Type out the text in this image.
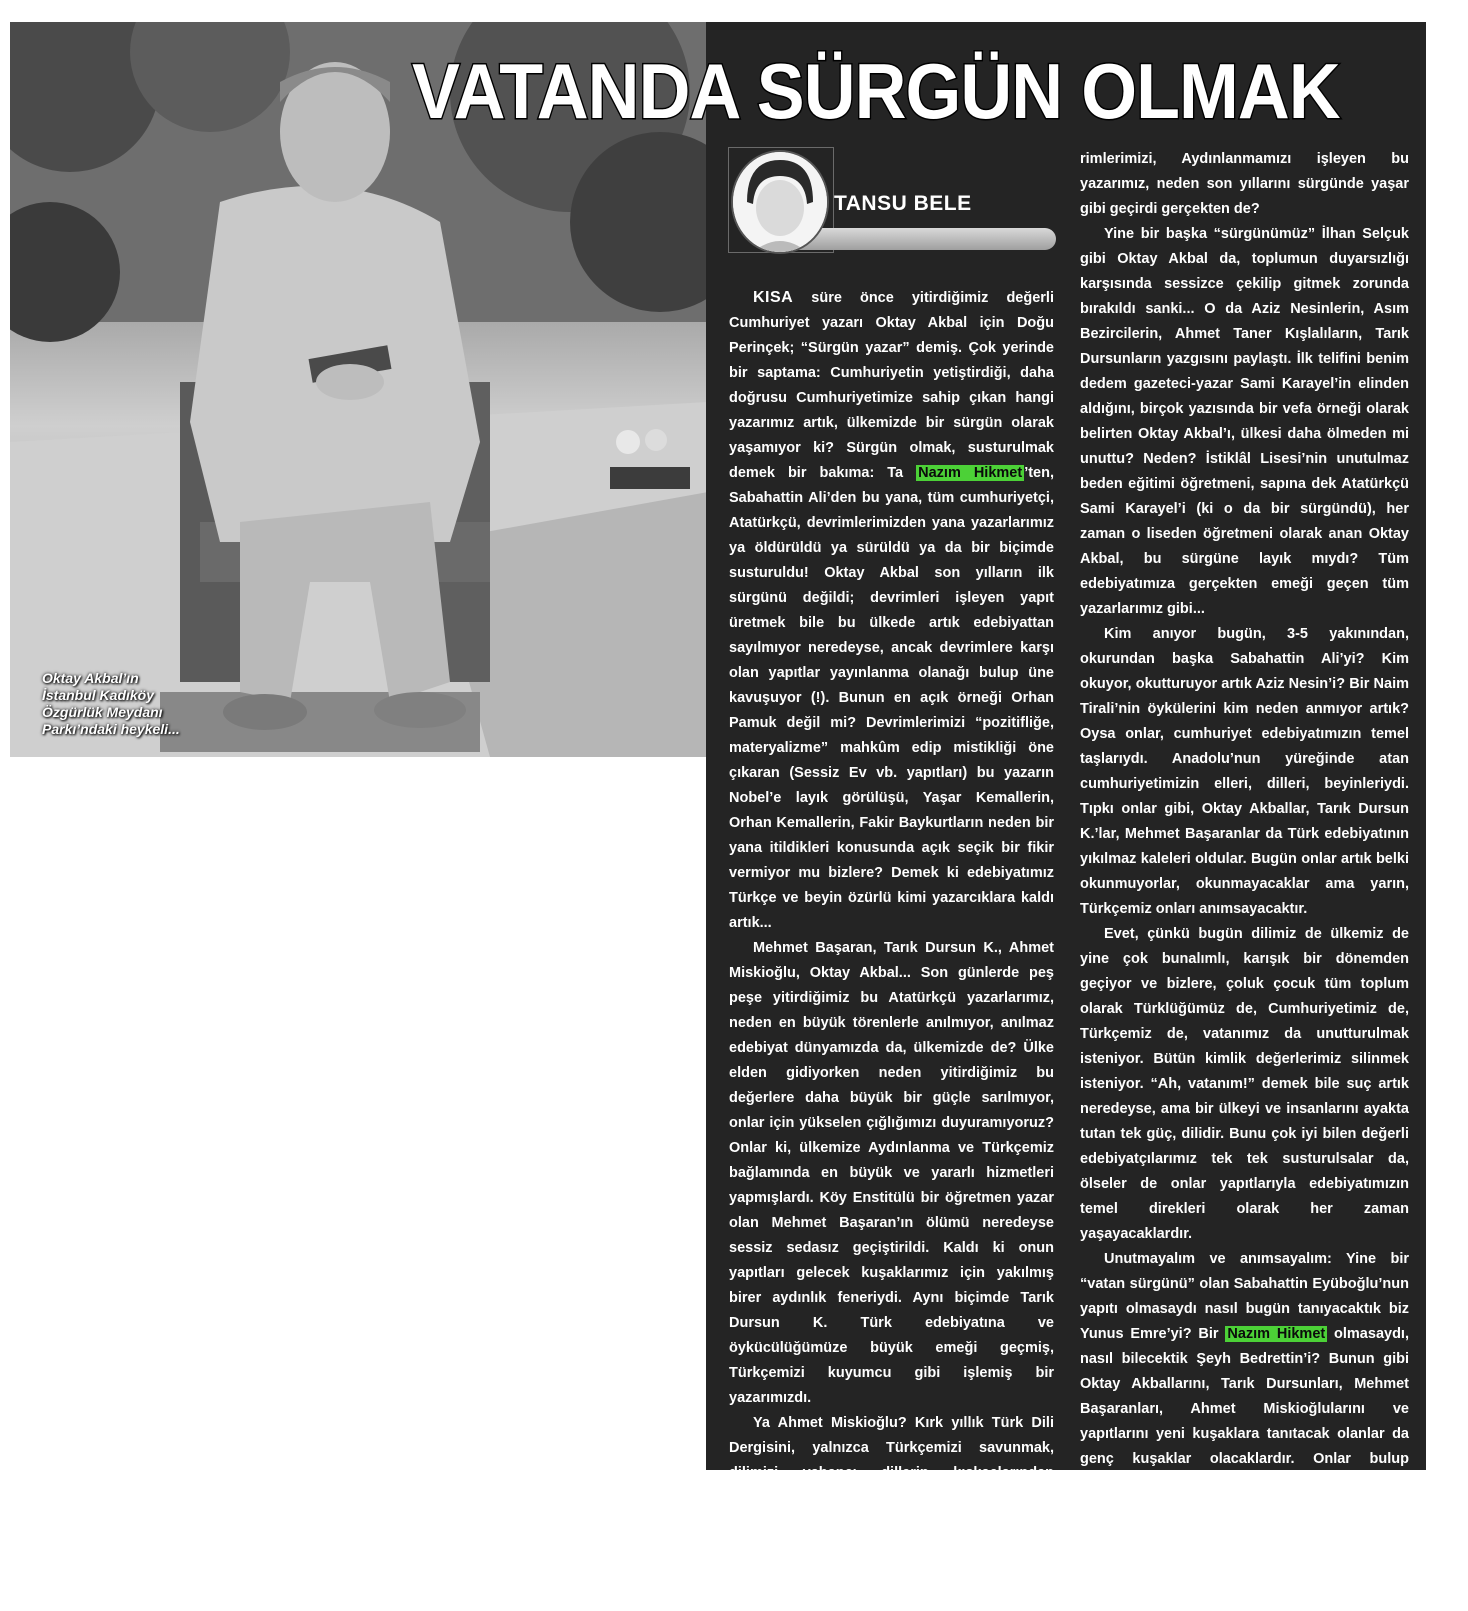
Oktay Akbal’ın
İstanbul Kadıköy
Özgürlük Meydanı
Parkı’ndaki heykeli...
VATANDA SÜRGÜN OLMAK
TANSU BELE

KISA süre önce yitirdiğimiz değerli Cumhuriyet yazarı Oktay Akbal için Doğu Perinçek; “Sürgün yazar” demiş. Çok yerinde bir saptama: Cumhuriyetin yetiştirdiği, daha doğrusu Cumhuriyetimize sahip çıkan hangi yazarımız artık, ülkemizde bir sürgün olarak yaşamıyor ki? Sürgün olmak, susturulmak demek bir bakıma: Ta Nazım Hikmet ’ten, Sabahattin Ali’den bu yana, tüm cumhuriyetçi, Atatürkçü, devrimlerimizden yana yazarlarımız ya öldürüldü ya sürüldü ya da bir biçimde susturuldu! Oktay Akbal son yılların ilk sürgünü değildi; devrimleri işleyen yapıt üretmek bile bu ülkede artık edebiyattan sayılmıyor neredeyse, ancak devrimlere karşı olan yapıtlar yayınlanma olanağı bulup üne kavuşuyor (!). Bunun en açık örneği Orhan Pamuk değil mi? Devrimlerimizi “pozitifliğe, materyalizme” mahkûm edip mistikliği öne çıkaran (Sessiz Ev vb. yapıtları) bu yazarın Nobel’e layık görülüşü, Yaşar Kemallerin, Orhan Kemallerin, Fakir Baykurtların neden bir yana itildikleri konusunda açık seçik bir fikir vermiyor mu bizlere? Demek ki edebiyatımız Türkçe ve beyin özürlü kimi yazarcıklara kaldı artık...

Mehmet Başaran, Tarık Dursun K., Ahmet Miskioğlu, Oktay Akbal... Son günlerde peş peşe yitirdiğimiz bu Atatürkçü yazarlarımız, neden en büyük törenlerle anılmıyor, anılmaz edebiyat dünyamızda da, ülkemizde de? Ülke elden gidiyorken neden yitirdiğimiz bu değerlere daha büyük bir güçle sarılmıyor, onlar için yükselen çığlığımızı duyuramıyoruz? Onlar ki, ülkemize Aydınlanma ve Türkçemiz bağlamında en büyük ve yararlı hizmetleri yapmışlardı. Köy Enstitülü bir öğretmen yazar olan Mehmet Başaran’ın ölümü neredeyse sessiz sedasız geçiştirildi. Kaldı ki onun yapıtları gelecek kuşaklarımız için yakılmış birer aydınlık feneriydi. Aynı biçimde Tarık Dursun K. Türk edebiyatına ve öykücülüğümüze büyük emeği geçmiş, Türkçemizi kuyumcu gibi işlemiş bir yazarımızdı.

Ya Ahmet Miskioğlu? Kırk yıllık Türk Dili Dergisini, yalnızca Türkçemizi savunmak, dilimizi yabancı dillerin kıskaçlarından korumak için en büyük savaşımları verdi, 90 yaşında tükenen son soluğuna dek... Ya Oktay Akbal? O güzelim Türkçesiyle neredeyse çığır açan, öykücülüğümüzü aydınlatan, gazeteciliği boyunca yıllar yılı bıkmadan usanmadan dev-

rimlerimizi, Aydınlanmamızı işleyen bu yazarımız, neden son yıllarını sürgünde yaşar gibi geçirdi gerçekten de?

Yine bir başka “sürgünümüz” İlhan Selçuk gibi Oktay Akbal da, toplumun duyarsızlığı karşısında sessizce çekilip gitmek zorunda bırakıldı sanki... O da Aziz Nesinlerin, Asım Bezircilerin, Ahmet Taner Kışlalıların, Tarık Dursunların yazgısını paylaştı. İlk telifini benim dedem gazeteci-yazar Sami Karayel’in elinden aldığını, birçok yazısında bir vefa örneği olarak belirten Oktay Akbal’ı, ülkesi daha ölmeden mi unuttu? Neden? İstiklâl Lisesi’nin unutulmaz beden eğitimi öğretmeni, sapına dek Atatürkçü Sami Karayel’i (ki o da bir sürgündü), her zaman o liseden öğretmeni olarak anan Oktay Akbal, bu sürgüne layık mıydı? Tüm edebiyatımıza gerçekten emeği geçen tüm yazarlarımız gibi...

Kim anıyor bugün, 3-5 yakınından, okurundan başka Sabahattin Ali’yi? Kim okuyor, okutturuyor artık Aziz Nesin’i? Bir Naim Tirali’nin öykülerini kim neden anmıyor artık? Oysa onlar, cumhuriyet edebiyatımızın temel taşlarıydı. Anadolu’nun yüreğinde atan cumhuriyetimizin elleri, dilleri, beyinleriydi. Tıpkı onlar gibi, Oktay Akballar, Tarık Dursun K.’lar, Mehmet Başaranlar da Türk edebiyatının yıkılmaz kaleleri oldular. Bugün onlar artık belki okunmuyorlar, okunmayacaklar ama yarın, Türkçemiz onları anımsayacaktır.

Evet, çünkü bugün dilimiz de ülkemiz de yine çok bunalımlı, karışık bir dönemden geçiyor ve bizlere, çoluk çocuk tüm toplum olarak Türklüğümüz de, Cumhuriyetimiz de, Türkçemiz de, vatanımız da unutturulmak isteniyor. Bütün kimlik değerlerimiz silinmek isteniyor. “Ah, vatanım!” demek bile suç artık neredeyse, ama bir ülkeyi ve insanlarını ayakta tutan tek güç, dilidir. Bunu çok iyi bilen değerli edebiyatçılarımız tek tek susturulsalar da, ölseler de onlar yapıtlarıyla edebiyatımızın temel direkleri olarak her zaman yaşayacaklardır.

Unutmayalım ve anımsayalım: Yine bir “vatan sürgünü” olan Sabahattin Eyüboğlu’nun yapıtı olmasaydı nasıl bugün tanıyacaktık biz Yunus Emre’yi? Bir Nazım Hikmet olmasaydı, nasıl bilecektik Şeyh Bedrettin’i? Bunun gibi Oktay Akballarını, Tarık Dursunları, Mehmet Başaranları, Ahmet Miskioğlularını ve yapıtlarını yeni kuşaklara tanıtacak olanlar da genç kuşaklar olacaklardır. Onlar bulup öğretecekler çocuklarımıza, tıpkı Nazım’ın Şeyh Bedrettin’i tanıttığı gibi, bu tümü de “sürgün” yazarlarımızın yapıtlarını... Kendisi de unutturulmak istenen Cumhuriyetimiz ve Atatürkümüz adına!
